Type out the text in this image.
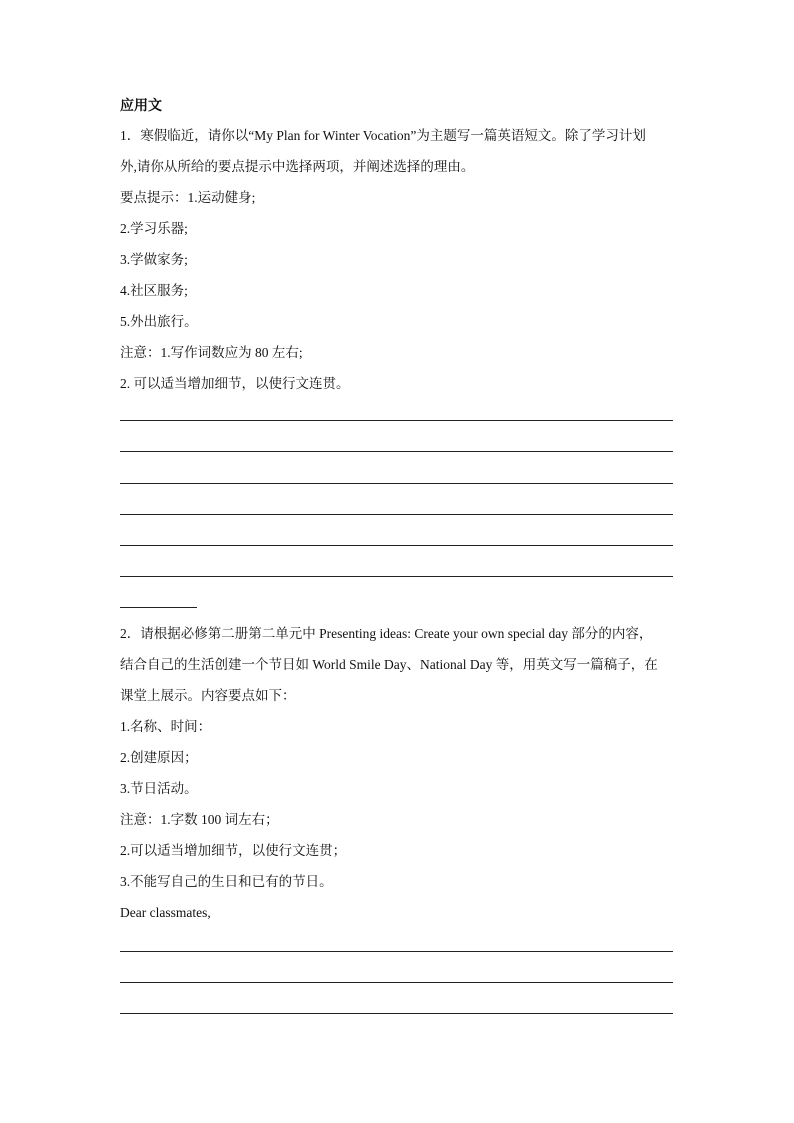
应用文
1．寒假临近，请你以“My Plan for Winter Vocation”为主题写一篇英语短文。除了学习计划
外,请你从所给的要点提示中选择两项，并阐述选择的理由。
要点提示：1.运动健身;
2.学习乐器;
3.学做家务;
4.社区服务;
5.外出旅行。
注意：1.写作词数应为 80 左右;
2. 可以适当增加细节，以使行文连贯。
2．请根据必修第二册第二单元中 Presenting ideas: Create your own special day 部分的内容，
结合自己的生活创建一个节日如 World Smile Day、National Day 等，用英文写一篇稿子，在
课堂上展示。内容要点如下：
1.名称、时间：
2.创建原因；
3.节日活动。
注意：1.字数 100 词左右；
2.可以适当增加细节，以使行文连贯；
3.不能写自己的生日和已有的节日。
Dear classmates,
